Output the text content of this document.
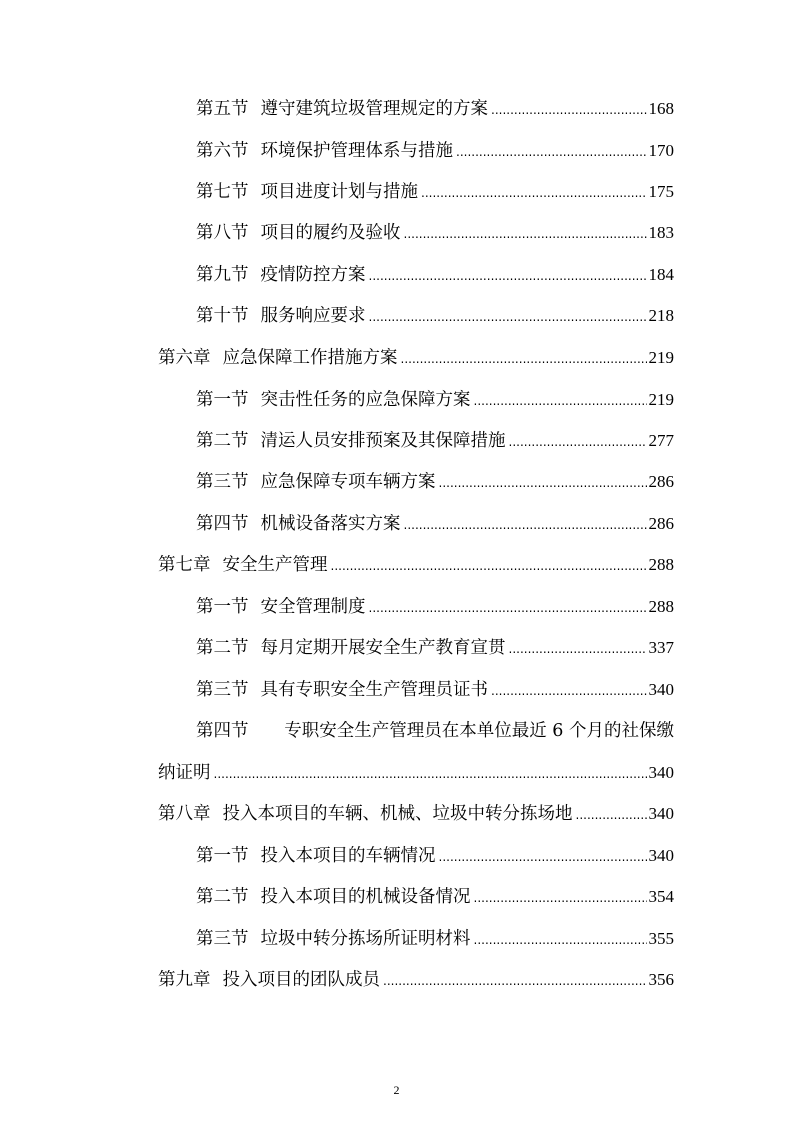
第五节 遵守建筑垃圾管理规定的方案 .....	168
第六节 环境保护管理体系与措施 .....	170
第七节 项目进度计划与措施 .....	175
第八节 项目的履约及验收 .....	183
第九节 疫情防控方案 .....	184
第十节 服务响应要求 .....	218
第六章 应急保障工作措施方案 .....	219
第一节 突击性任务的应急保障方案 .....	219
第二节 清运人员安排预案及其保障措施 .....	277
第三节 应急保障专项车辆方案 .....	286
第四节 机械设备落实方案 .....	286
第七章 安全生产管理 .....	288
第一节 安全管理制度 .....	288
第二节 每月定期开展安全生产教育宣贯 .....	337
第三节 具有专职安全生产管理员证书 .....	340
第四节 专职安全生产管理员在本单位最近 6 个月的社保缴
纳证明 .....	340
第八章 投入本项目的车辆、机械、垃圾中转分拣场地 .....	340
第一节 投入本项目的车辆情况 .....	340
第二节 投入本项目的机械设备情况 .....	354
第三节 垃圾中转分拣场所证明材料 .....	355
第九章 投入项目的团队成员 .....	356
2
